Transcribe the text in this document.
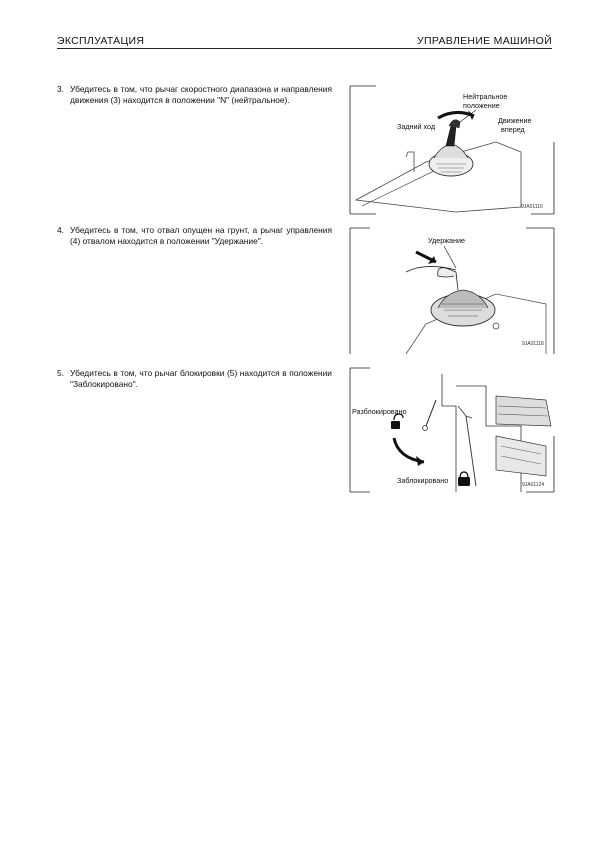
ЭКСПЛУАТАЦИЯ	УПРАВЛЕНИЕ МАШИНОЙ
3. Убедитесь в том, что рычаг скоростного диапазона и направления движения (3) находится в положении "N" (нейтральное).	Нейтральное
положение
Задний ход
Движение
вперед
9JA01116
4. Убедитесь в том, что отвал опущен на грунт, а рычаг управления (4) отвалом находится в положении "Удержание".	Удержание
9JA01118
5. Убедитесь в том, что рычаг блокировки (5) находится в положении "Заблокировано".
Разблокировано
Заблокировано	9JA01124
